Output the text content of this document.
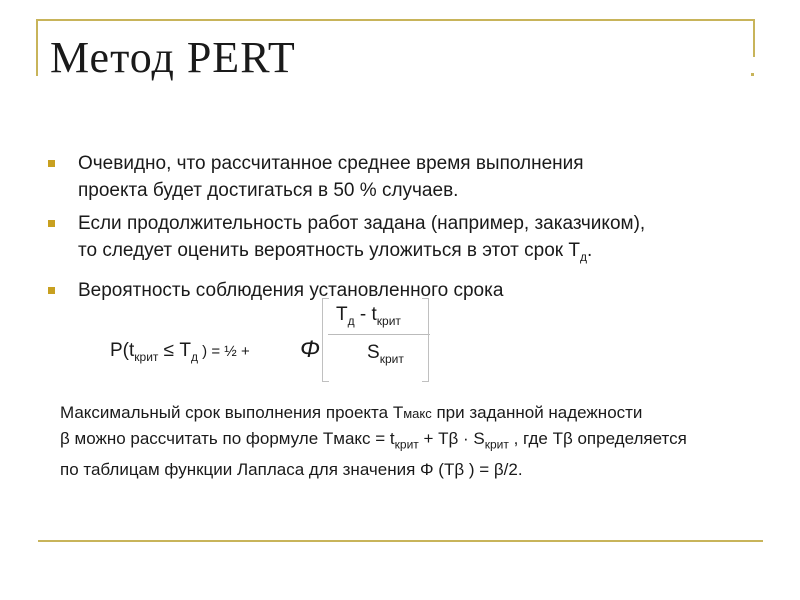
Метод PERT
Очевидно, что рассчитанное среднее время выполнения
проекта будет достигаться в 50 % случаев.
Если продолжительность работ задана (например, заказчиком),
то следует оценить вероятность уложиться в этот срок $T_д$.
Вероятность соблюдения установленного срока
$P(t_{крит} \le T_д$ ) = ½ + Φ
$T_д - t_{крит}$
$S_{крит}$

Максимальный срок выполнения проекта Tмакс при заданной надежности
β можно рассчитать по формуле Tмакс = $t_{крит} + T\beta \cdot S_{крит}$ , где Tβ определяется
по таблицам функции Лапласа для значения Φ (Tβ ) = β/2.
